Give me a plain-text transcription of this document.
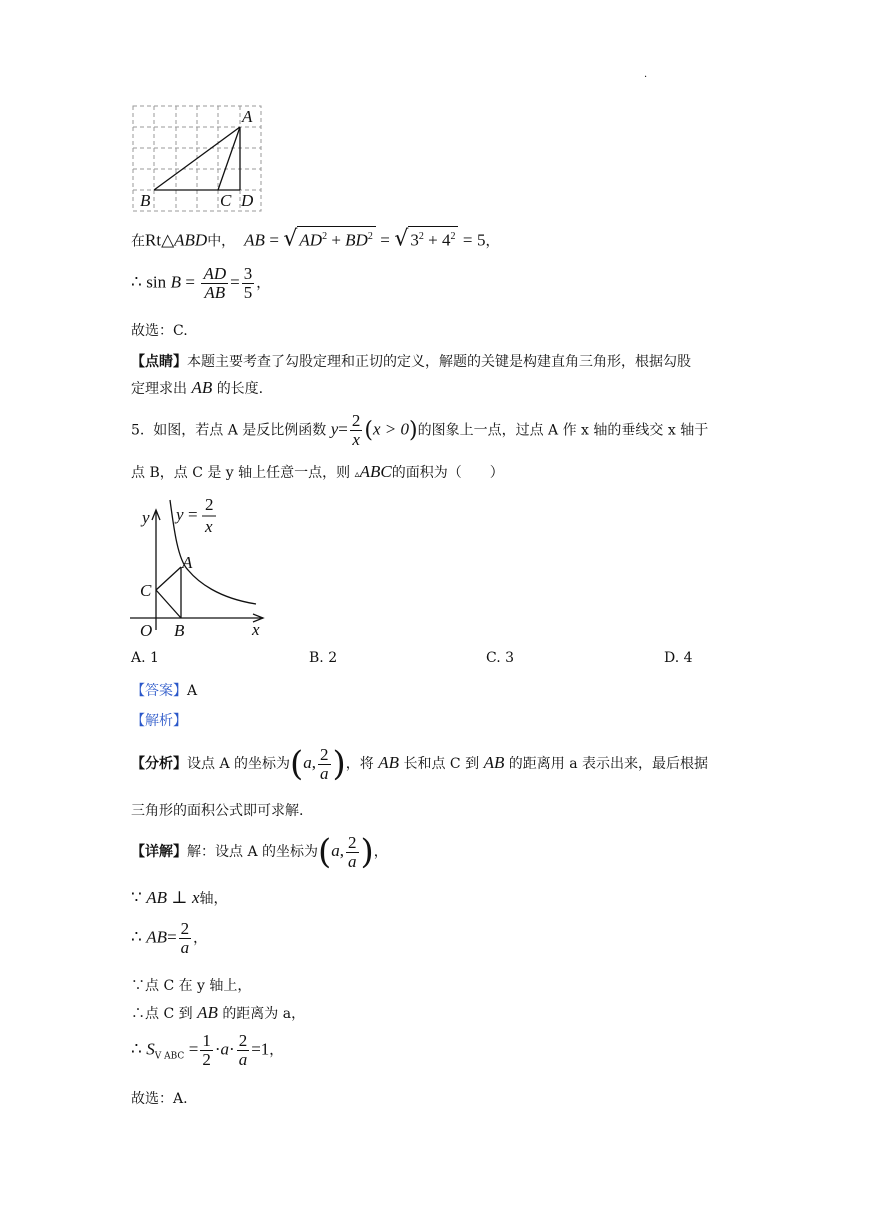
·
A
B	C D
在Rt△ABD中， AB = √ $AD^2 + BD^2$ = √ $3^2 + 4^2 = 5$，
∴ $\sin B = \frac{AD}{AB} = \frac{3}{5}$ ，
故选：C.
【点睛】本题主要考查了勾股定理和正切的定义，解题的关键是构建直角三角形，根据勾股
定理求出 AB 的长度.
5. 如图，若点 A 是反比例函数 $y= \frac{2}{x} (x > 0)$的图象上一点，过点 A 作 x 轴的垂线交 x 轴于
点 B，点 C 是 y 轴上任意一点，则 ▵ABC的面积为（　　）
y
x
y =
2
x
A
B
C
O
A. 1	B. 2	C. 3	D. 4
【答案】A
【解析】
【分析】设点 A 的坐标为(a, $\frac{2}{a}$ )，将 AB 长和点 C 到 AB 的距离用 a 表示出来，最后根据
三角形的面积公式即可求解.
【详解】解：设点 A 的坐标为(a, $\frac{2}{a}$ )，
∵ AB ⊥ x轴，
∴ $AB= \frac{2}{a}$ ，
∵点 C 在 y 轴上，
∴点 C 到 AB 的距离为 a，
∴ $S_{V ABC} = \frac{1}{2} \cdot a\cdot \frac{2}{a} =1$，
故选：A.
